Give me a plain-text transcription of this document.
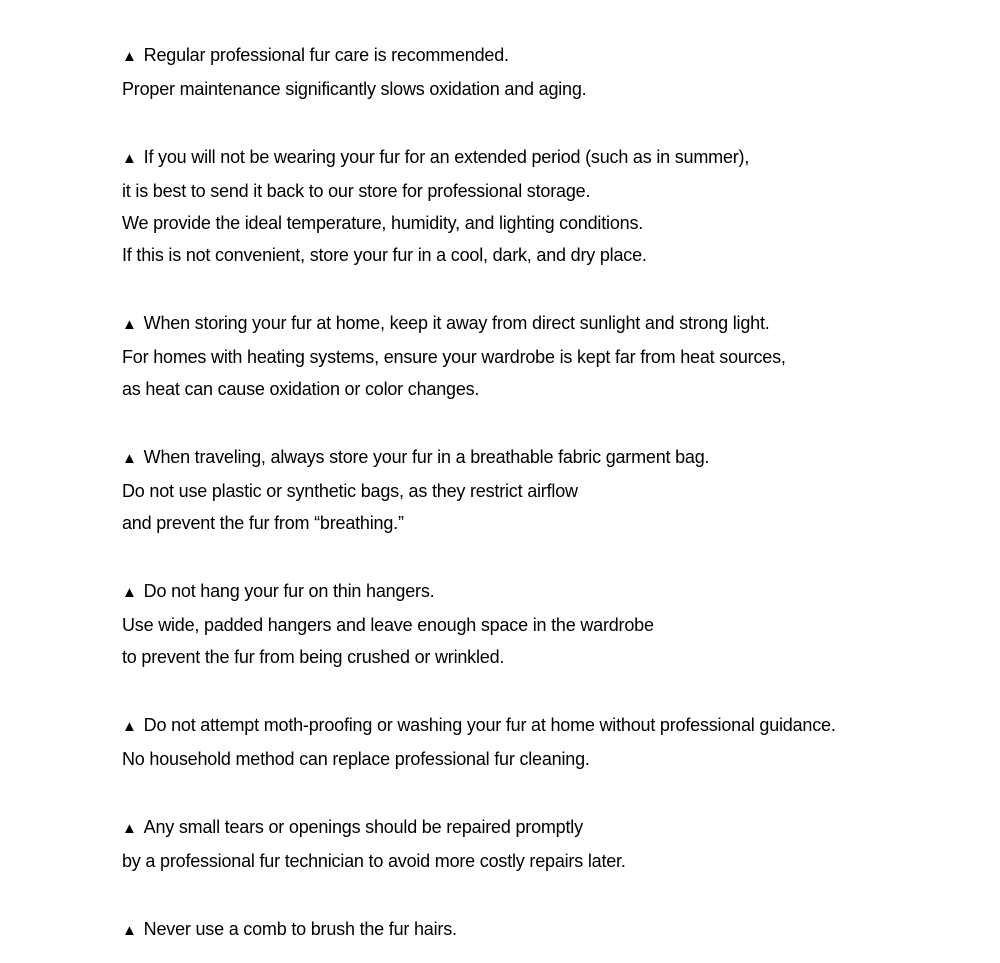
▲ Regular professional fur care is recommended.

Proper maintenance significantly slows oxidation and aging.

▲ If you will not be wearing your fur for an extended period (such as in summer),

it is best to send it back to our store for professional storage.

We provide the ideal temperature, humidity, and lighting conditions.

If this is not convenient, store your fur in a cool, dark, and dry place.

▲ When storing your fur at home, keep it away from direct sunlight and strong light.

For homes with heating systems, ensure your wardrobe is kept far from heat sources,

as heat can cause oxidation or color changes.

▲ When traveling, always store your fur in a breathable fabric garment bag.

Do not use plastic or synthetic bags, as they restrict airflow

and prevent the fur from “breathing.”

▲ Do not hang your fur on thin hangers.

Use wide, padded hangers and leave enough space in the wardrobe

to prevent the fur from being crushed or wrinkled.

▲ Do not attempt moth-proofing or washing your fur at home without professional guidance.

No household method can replace professional fur cleaning.

▲ Any small tears or openings should be repaired promptly

by a professional fur technician to avoid more costly repairs later.

▲ Never use a comb to brush the fur hairs.
